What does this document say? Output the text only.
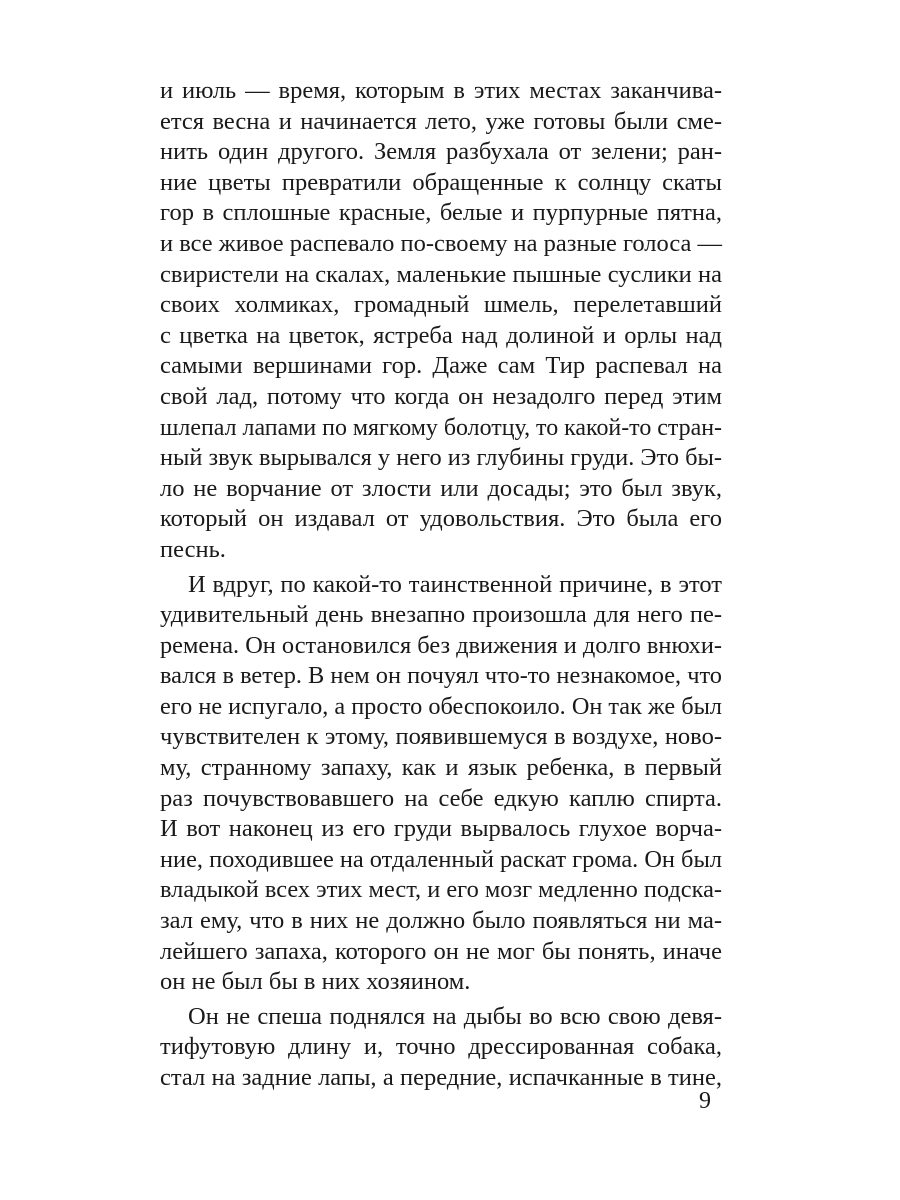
и июль — время, которым в этих местах заканчива-
ется весна и начинается лето, уже готовы были сме-
нить один другого. Земля разбухала от зелени; ран-
ние цветы превратили обращенные к солнцу скаты
гор в сплошные красные, белые и пурпурные пятна,
и все живое распевало по-своему на разные голоса —
свиристели на скалах, маленькие пышные суслики на
своих холмиках, громадный шмель, перелетавший
с цветка на цветок, ястреба над долиной и орлы над
самыми вершинами гор. Даже сам Тир распевал на
свой лад, потому что когда он незадолго перед этим
шлепал лапами по мягкому болотцу, то какой-то стран-
ный звук вырывался у него из глубины груди. Это бы-
ло не ворчание от злости или досады; это был звук,
который он издавал от удовольствия. Это была его
песнь.
И вдруг, по какой-то таинственной причине, в этот
удивительный день внезапно произошла для него пе-
ремена. Он остановился без движения и долго внюхи-
вался в ветер. В нем он почуял что-то незнакомое, что
его не испугало, а просто обеспокоило. Он так же был
чувствителен к этому, появившемуся в воздухе, ново-
му, странному запаху, как и язык ребенка, в первый
раз почувствовавшего на себе едкую каплю спирта.
И вот наконец из его груди вырвалось глухое ворча-
ние, походившее на отдаленный раскат грома. Он был
владыкой всех этих мест, и его мозг медленно подска-
зал ему, что в них не должно было появляться ни ма-
лейшего запаха, которого он не мог бы понять, иначе
он не был бы в них хозяином.
Он не спеша поднялся на дыбы во всю свою девя-
тифутовую длину и, точно дрессированная собака,
стал на задние лапы, а передние, испачканные в тине,
9
